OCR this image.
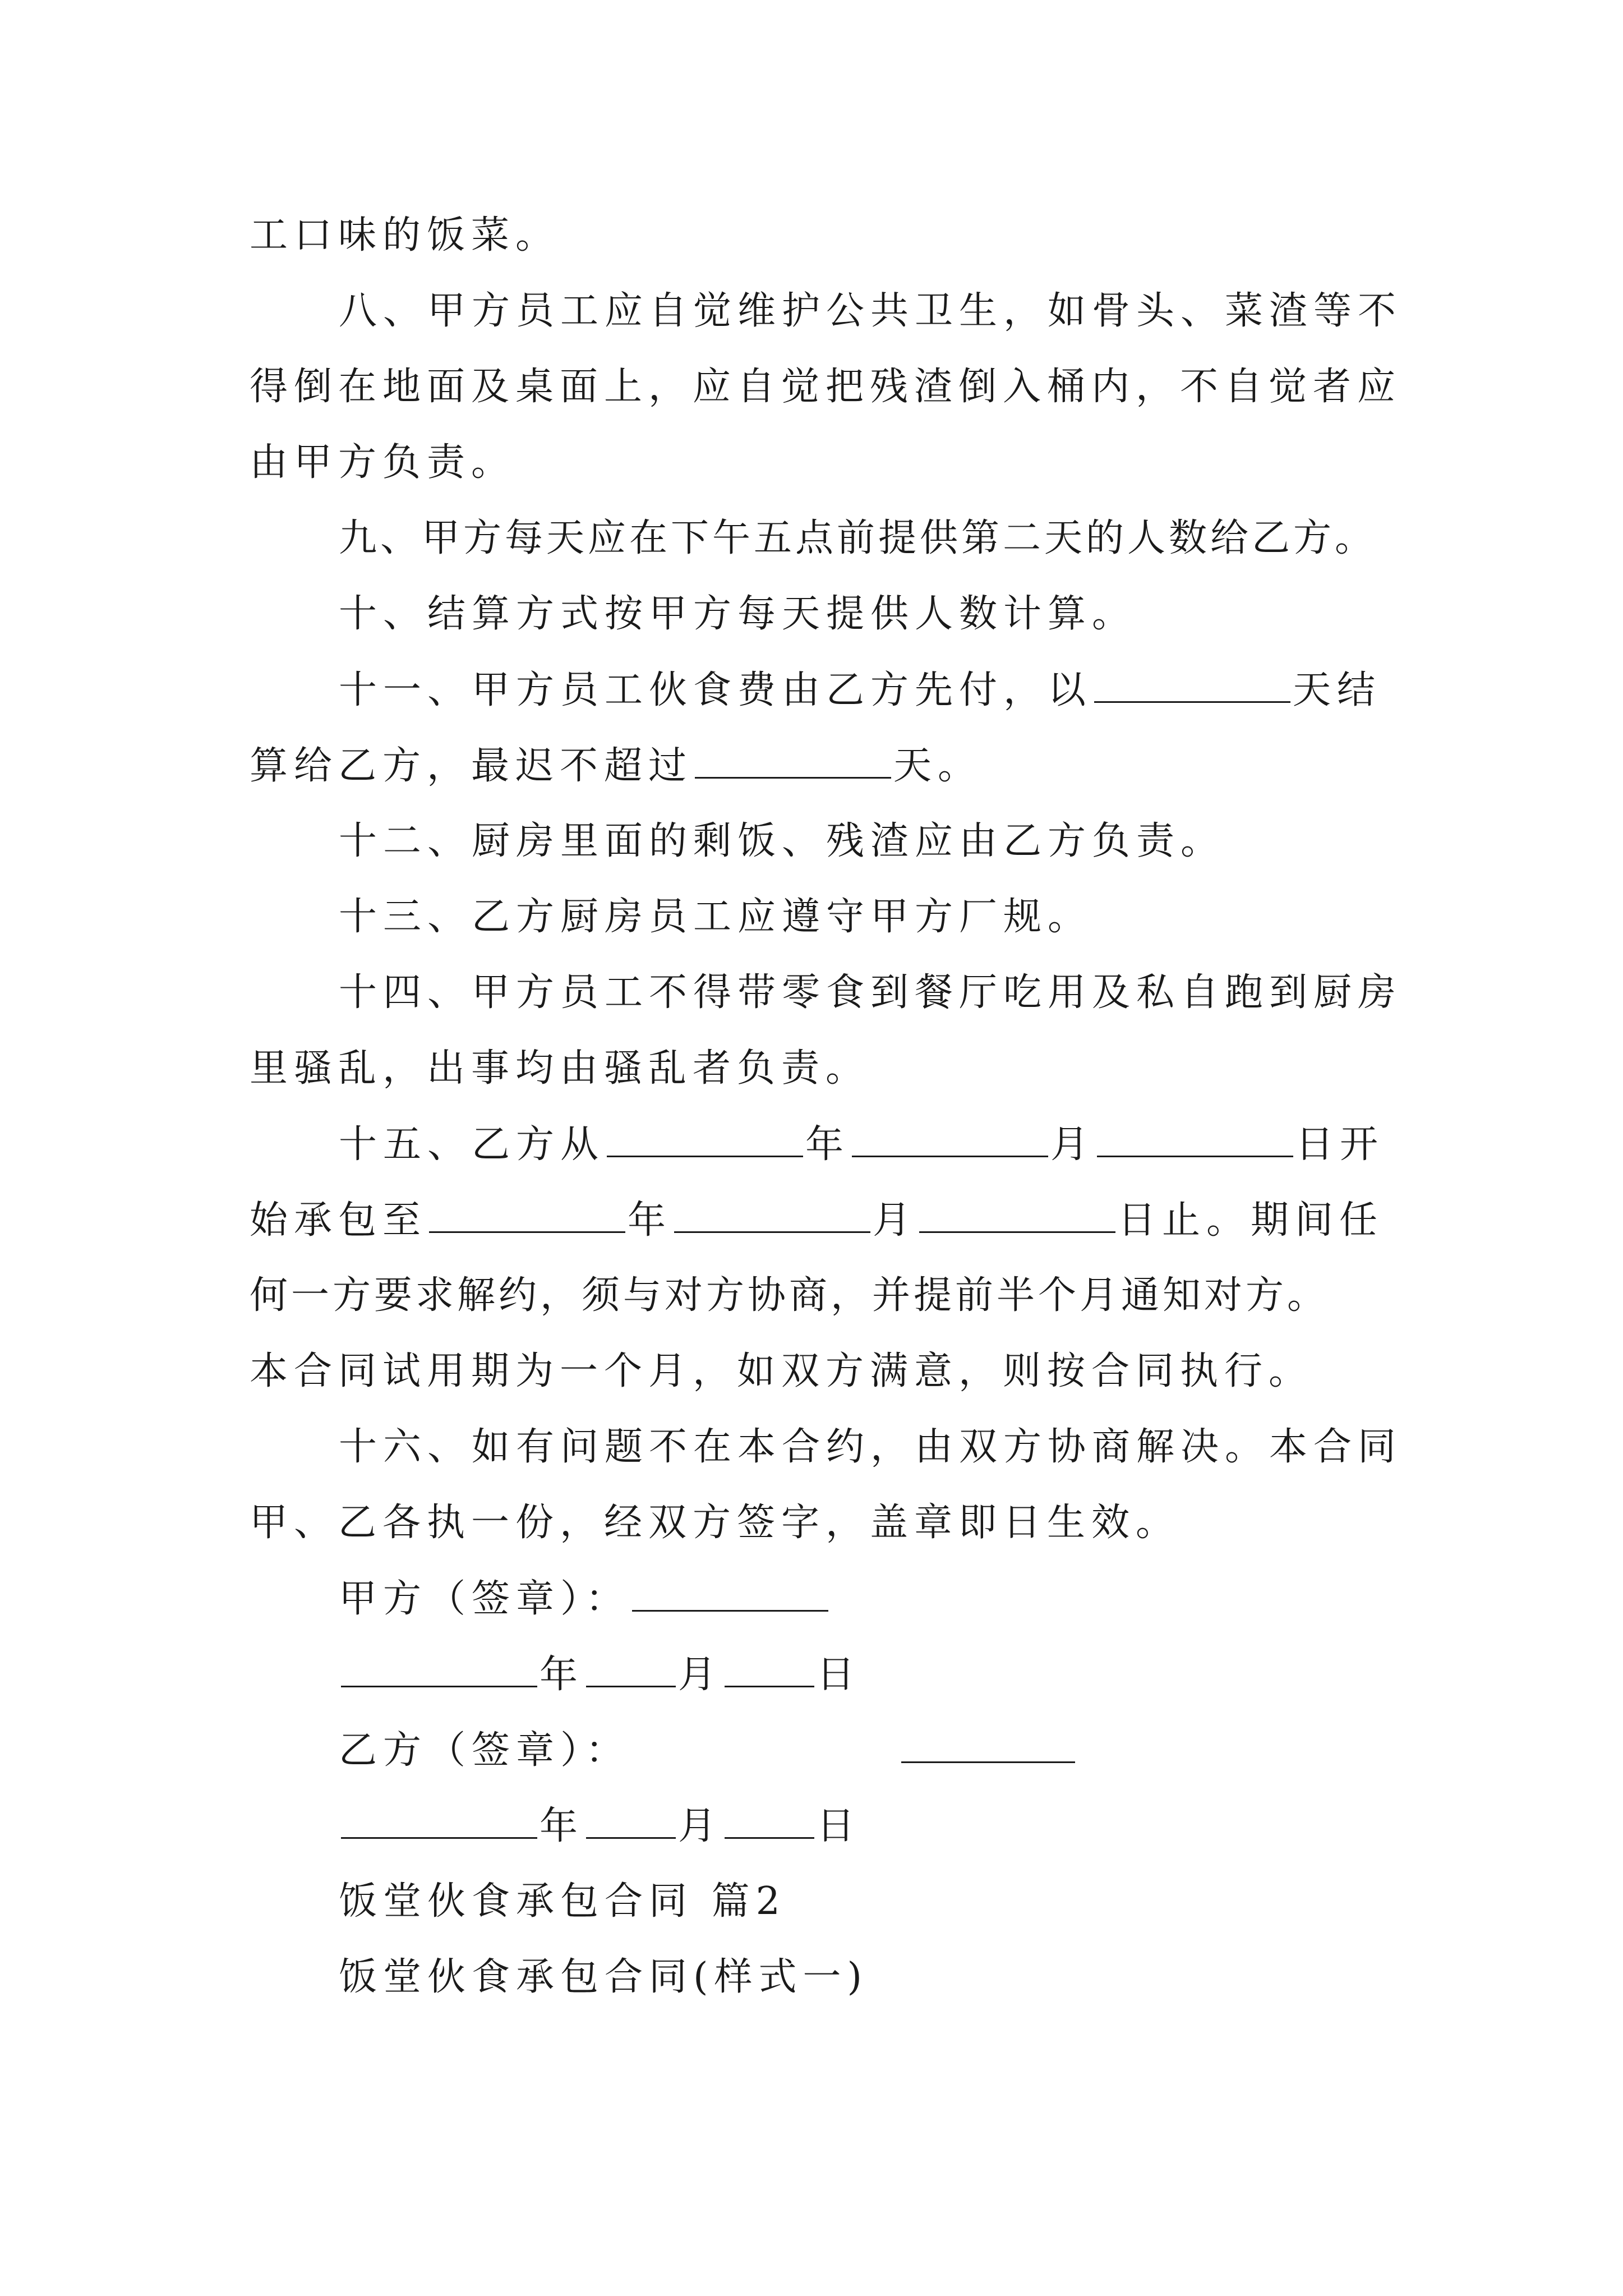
工口味的饭菜。
八、甲方员工应自觉维护公共卫生，如骨头、菜渣等不
得倒在地面及桌面上，应自觉把残渣倒入桶内，不自觉者应
由甲方负责。
九、甲方每天应在下午五点前提供第二天的人数给乙方。
十、结算方式按甲方每天提供人数计算。
十一、甲方员工伙食费由乙方先付，以	天结
算给乙方，最迟不超过	天。
十二、厨房里面的剩饭、残渣应由乙方负责。
十三、乙方厨房员工应遵守甲方厂规。
十四、甲方员工不得带零食到餐厅吃用及私自跑到厨房
里骚乱，出事均由骚乱者负责。
十五、乙方从	年	月	日开
始承包至	年	月	日止。期间任
何一方要求解约，须与对方协商，并提前半个月通知对方。
本合同试用期为一个月，如双方满意，则按合同执行。
十六、如有问题不在本合约，由双方协商解决。本合同
甲、乙各执一份，经双方签字，盖章即日生效。
甲方（签章）：
年 月 日
乙方（签章）：
年 月 日
饭堂伙食承包合同 篇2
饭堂伙食承包合同(样式一)
